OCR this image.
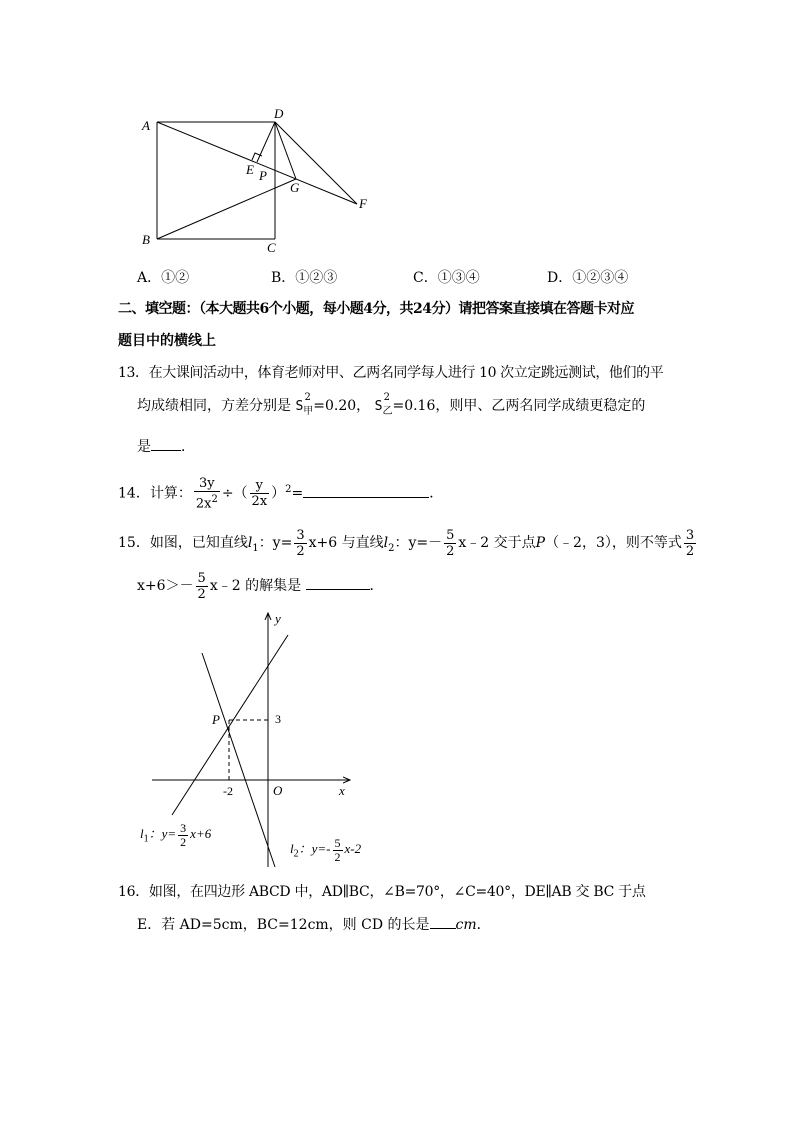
A
B
C
D
E P
G
F
A．①②	B．①②③	C．①③④	D．①②③④
二、填空题：（本大题共6个小题，每小题4分，共24分）请把答案直接填在答题卡对应
题目中的横线上
13．在大课间活动中，体育老师对甲、乙两名同学每人进行 10 次立定跳远测试，他们的平
均成绩相同，方差分别是 S
2
$_甲$=0.20， S
2
$_乙$=0.16，则甲、乙两名同学成绩更稳定的
是 ．
14．计算： $\frac{3y}{2x^2}$ ÷（ $\frac{y}{2x} )^2=$	．
15．如图，已知直线$l_1$：$y= \frac{3}{2} x+6$ 与直线$l_2$：$y=- \frac{5}{2}$ x﹣2 交于点P（﹣2，3），则不等式 $\frac{3}{2}$
$x+6>- \frac{5}{2}$ x﹣2 的解集是	．
y
x
O
P	3
-2
$l_1$：$y= \frac{3}{2} x+6$
$l_2$：$y=- \frac{5}{2} x-2$
16．如图，在四边形 ABCD 中，AD∥BC，∠B=70°，∠C=40°，DE∥AB 交 BC 于点
E．若 AD=5cm，BC=12cm，则 CD 的长是 cm．
